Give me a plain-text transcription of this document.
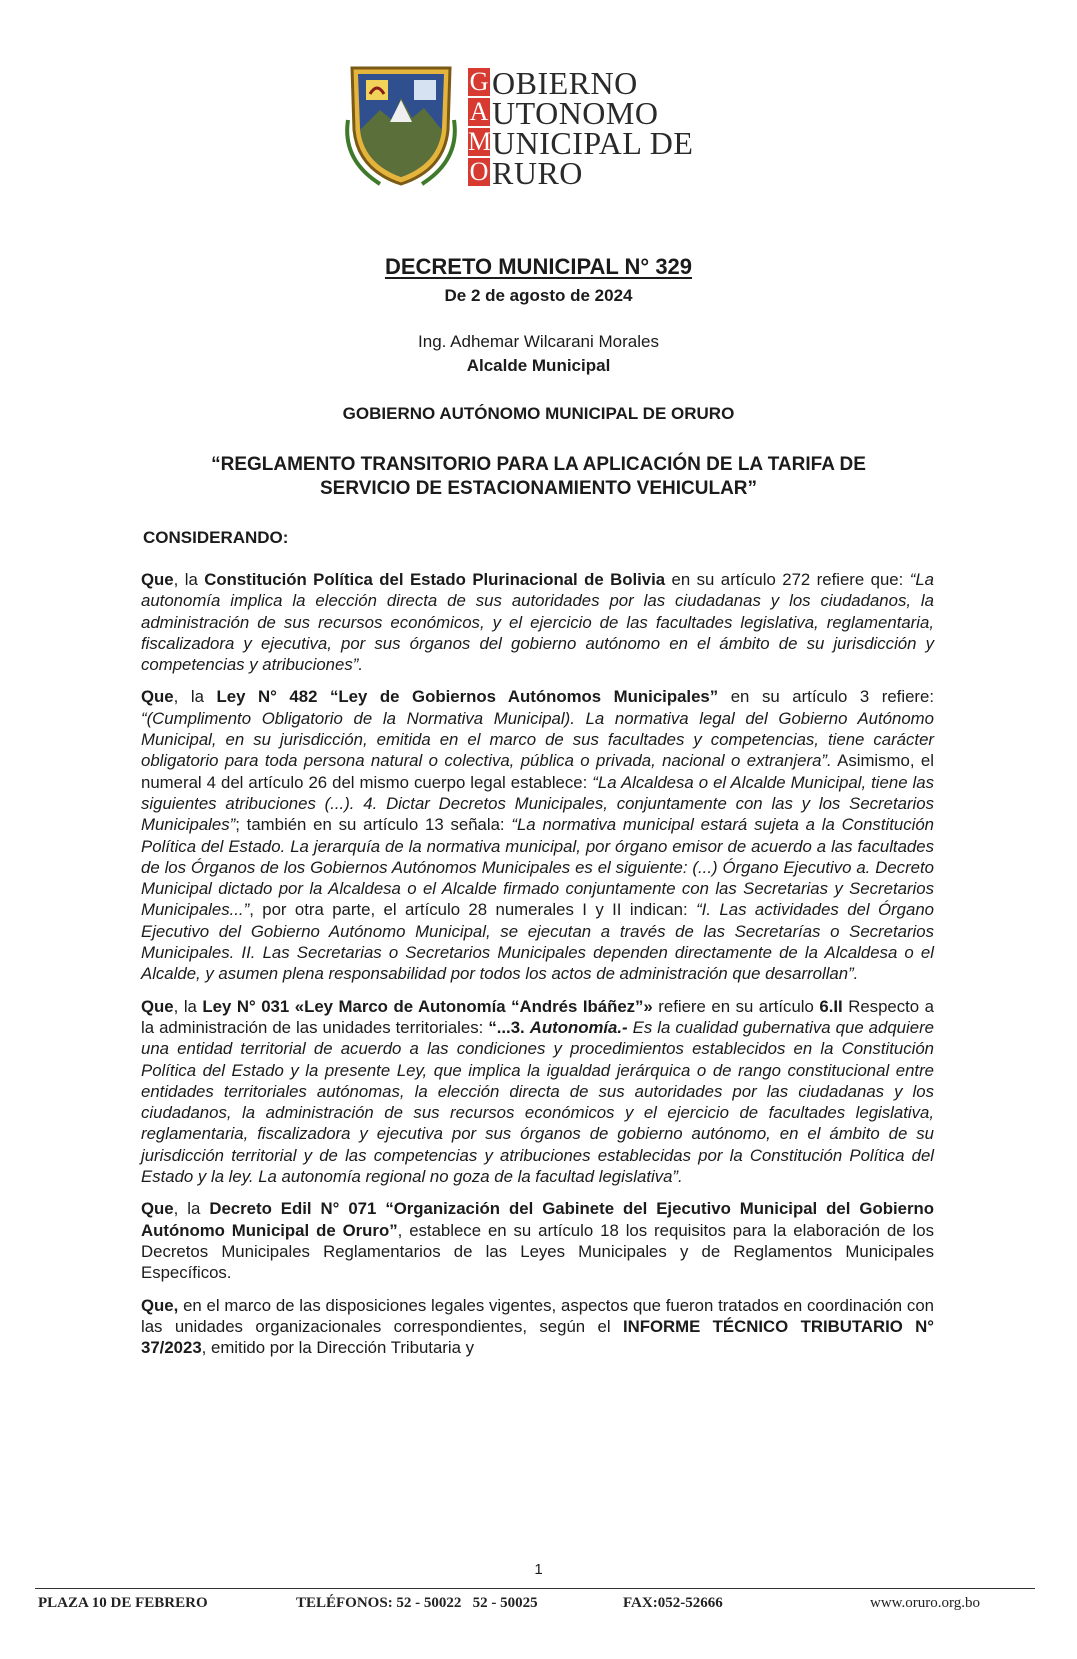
G
A
M
O
OBIERNO
UTONOMO
UNICIPAL DE
RURO
DECRETO MUNICIPAL N° 329
De 2 de agosto de 2024
Ing. Adhemar Wilcarani Morales
Alcalde Municipal
GOBIERNO AUTÓNOMO MUNICIPAL DE ORURO
“REGLAMENTO TRANSITORIO PARA LA APLICACIÓN DE LA TARIFA DE
SERVICIO DE ESTACIONAMIENTO VEHICULAR”
CONSIDERANDO:

Que, la Constitución Política del Estado Plurinacional de Bolivia en su artículo 272 refiere que: “La autonomía implica la elección directa de sus autoridades por las ciudadanas y los ciudadanos, la administración de sus recursos económicos, y el ejercicio de las facultades legislativa, reglamentaria, fiscalizadora y ejecutiva, por sus órganos del gobierno autónomo en el ámbito de su jurisdicción y competencias y atribuciones”.

Que, la Ley N° 482 “Ley de Gobiernos Autónomos Municipales” en su artículo 3 refiere: “(Cumplimento Obligatorio de la Normativa Municipal). La normativa legal del Gobierno Autónomo Municipal, en su jurisdicción, emitida en el marco de sus facultades y competencias, tiene carácter obligatorio para toda persona natural o colectiva, pública o privada, nacional o extranjera”. Asimismo, el numeral 4 del artículo 26 del mismo cuerpo legal establece: “La Alcaldesa o el Alcalde Municipal, tiene las siguientes atribuciones (...). 4. Dictar Decretos Municipales, conjuntamente con las y los Secretarios Municipales”; también en su artículo 13 señala: “La normativa municipal estará sujeta a la Constitución Política del Estado. La jerarquía de la normativa municipal, por órgano emisor de acuerdo a las facultades de los Órganos de los Gobiernos Autónomos Municipales es el siguiente: (...) Órgano Ejecutivo a. Decreto Municipal dictado por la Alcaldesa o el Alcalde firmado conjuntamente con las Secretarias y Secretarios Municipales...”, por otra parte, el artículo 28 numerales I y II indican: “I. Las actividades del Órgano Ejecutivo del Gobierno Autónomo Municipal, se ejecutan a través de las Secretarías o Secretarios Municipales. II. Las Secretarias o Secretarios Municipales dependen directamente de la Alcaldesa o el Alcalde, y asumen plena responsabilidad por todos los actos de administración que desarrollan”.

Que, la Ley N° 031 «Ley Marco de Autonomía “Andrés Ibáñez”» refiere en su artículo 6.II Respecto a la administración de las unidades territoriales: “...3. Autonomía.- Es la cualidad gubernativa que adquiere una entidad territorial de acuerdo a las condiciones y procedimientos establecidos en la Constitución Política del Estado y la presente Ley, que implica la igualdad jerárquica o de rango constitucional entre entidades territoriales autónomas, la elección directa de sus autoridades por las ciudadanas y los ciudadanos, la administración de sus recursos económicos y el ejercicio de facultades legislativa, reglamentaria, fiscalizadora y ejecutiva por sus órganos de gobierno autónomo, en el ámbito de su jurisdicción territorial y de las competencias y atribuciones establecidas por la Constitución Política del Estado y la ley. La autonomía regional no goza de la facultad legislativa”.

Que, la Decreto Edil N° 071 “Organización del Gabinete del Ejecutivo Municipal del Gobierno Autónomo Municipal de Oruro”, establece en su artículo 18 los requisitos para la elaboración de los Decretos Municipales Reglamentarios de las Leyes Municipales y de Reglamentos Municipales Específicos.

Que, en el marco de las disposiciones legales vigentes, aspectos que fueron tratados en coordinación con las unidades organizacionales correspondientes, según el INFORME TÉCNICO TRIBUTARIO N° 37/2023, emitido por la Dirección Tributaria y

1
PLAZA 10 DE FEBRERO	TELÉFONOS: 52 - 50022   52 - 50025	FAX:052-52666	www.oruro.org.bo
